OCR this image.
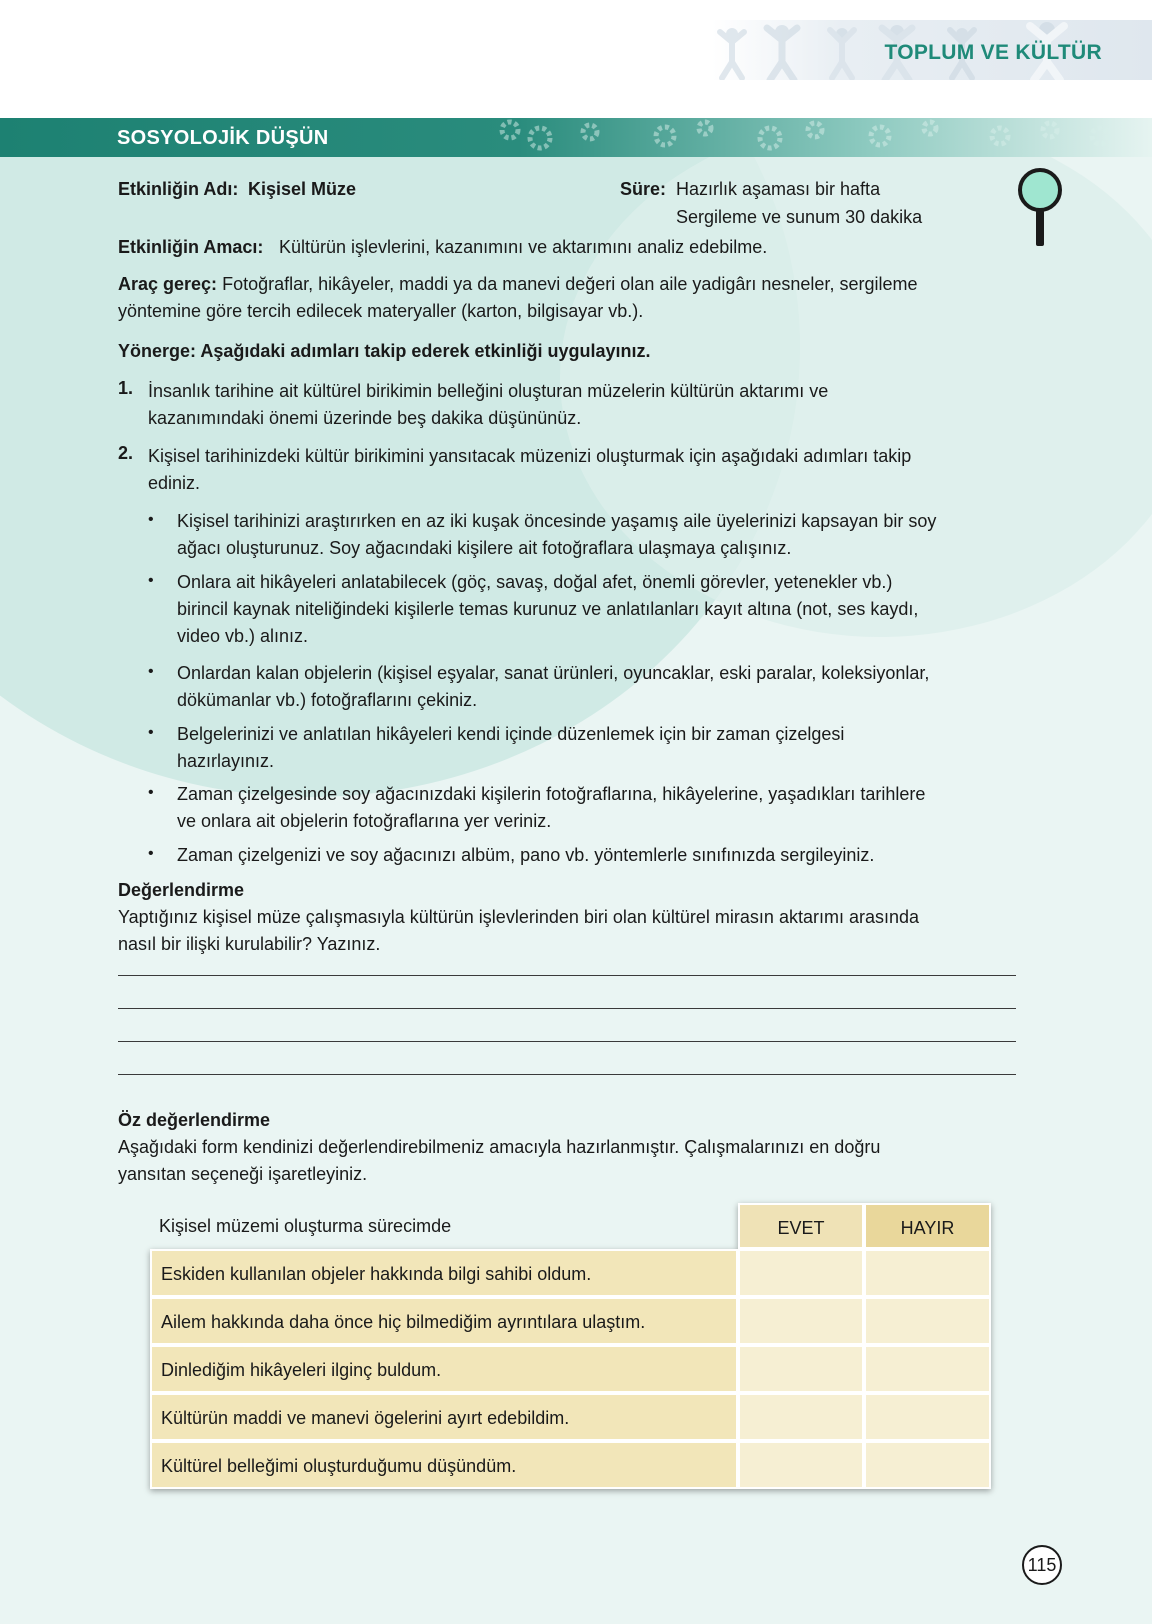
TOPLUM VE KÜLTÜR
SOSYOLOJİK DÜŞÜN
Etkinliğin Adı: Kişisel Müze	Süre: Hazırlık aşaması bir hafta
Sergileme ve sunum 30 dakika
Etkinliğin Amacı: Kültürün işlevlerini, kazanımını ve aktarımını analiz edebilme.
Araç gereç: Fotoğraflar, hikâyeler, maddi ya da manevi değeri olan aile yadigârı nesneler, sergileme
yöntemine göre tercih edilecek materyaller (karton, bilgisayar vb.).
Yönerge: Aşağıdaki adımları takip ederek etkinliği uygulayınız.
1. İnsanlık tarihine ait kültürel birikimin belleğini oluşturan müzelerin kültürün aktarımı ve
kazanımındaki önemi üzerinde beş dakika düşününüz.
2. Kişisel tarihinizdeki kültür birikimini yansıtacak müzenizi oluşturmak için aşağıdaki adımları takip
ediniz.
• Kişisel tarihinizi araştırırken en az iki kuşak öncesinde yaşamış aile üyelerinizi kapsayan bir soy
ağacı oluşturunuz. Soy ağacındaki kişilere ait fotoğraflara ulaşmaya çalışınız.
• Onlara ait hikâyeleri anlatabilecek (göç, savaş, doğal afet, önemli görevler, yetenekler vb.)
birincil kaynak niteliğindeki kişilerle temas kurunuz ve anlatılanları kayıt altına (not, ses kaydı,
video vb.) alınız.
• Onlardan kalan objelerin (kişisel eşyalar, sanat ürünleri, oyuncaklar, eski paralar, koleksiyonlar,
dökümanlar vb.) fotoğraflarını çekiniz.
• Belgelerinizi ve anlatılan hikâyeleri kendi içinde düzenlemek için bir zaman çizelgesi
hazırlayınız.
• Zaman çizelgesinde soy ağacınızdaki kişilerin fotoğraflarına, hikâyelerine, yaşadıkları tarihlere
ve onlara ait objelerin fotoğraflarına yer veriniz.
• Zaman çizelgenizi ve soy ağacınızı albüm, pano vb. yöntemlerle sınıfınızda sergileyiniz.
Değerlendirme
Yaptığınız kişisel müze çalışmasıyla kültürün işlevlerinden biri olan kültürel mirasın aktarımı arasında
nasıl bir ilişki kurulabilir? Yazınız.
Öz değerlendirme
Aşağıdaki form kendinizi değerlendirebilmeniz amacıyla hazırlanmıştır. Çalışmalarınızı en doğru
yansıtan seçeneği işaretleyiniz.
Kişisel müzemi oluşturma sürecimde	EVET	HAYIR
Eskiden kullanılan objeler hakkında bilgi sahibi oldum.
Ailem hakkında daha önce hiç bilmediğim ayrıntılara ulaştım.
Dinlediğim hikâyeleri ilginç buldum.
Kültürün maddi ve manevi ögelerini ayırt edebildim.
Kültürel belleğimi oluşturduğumu düşündüm.
115
